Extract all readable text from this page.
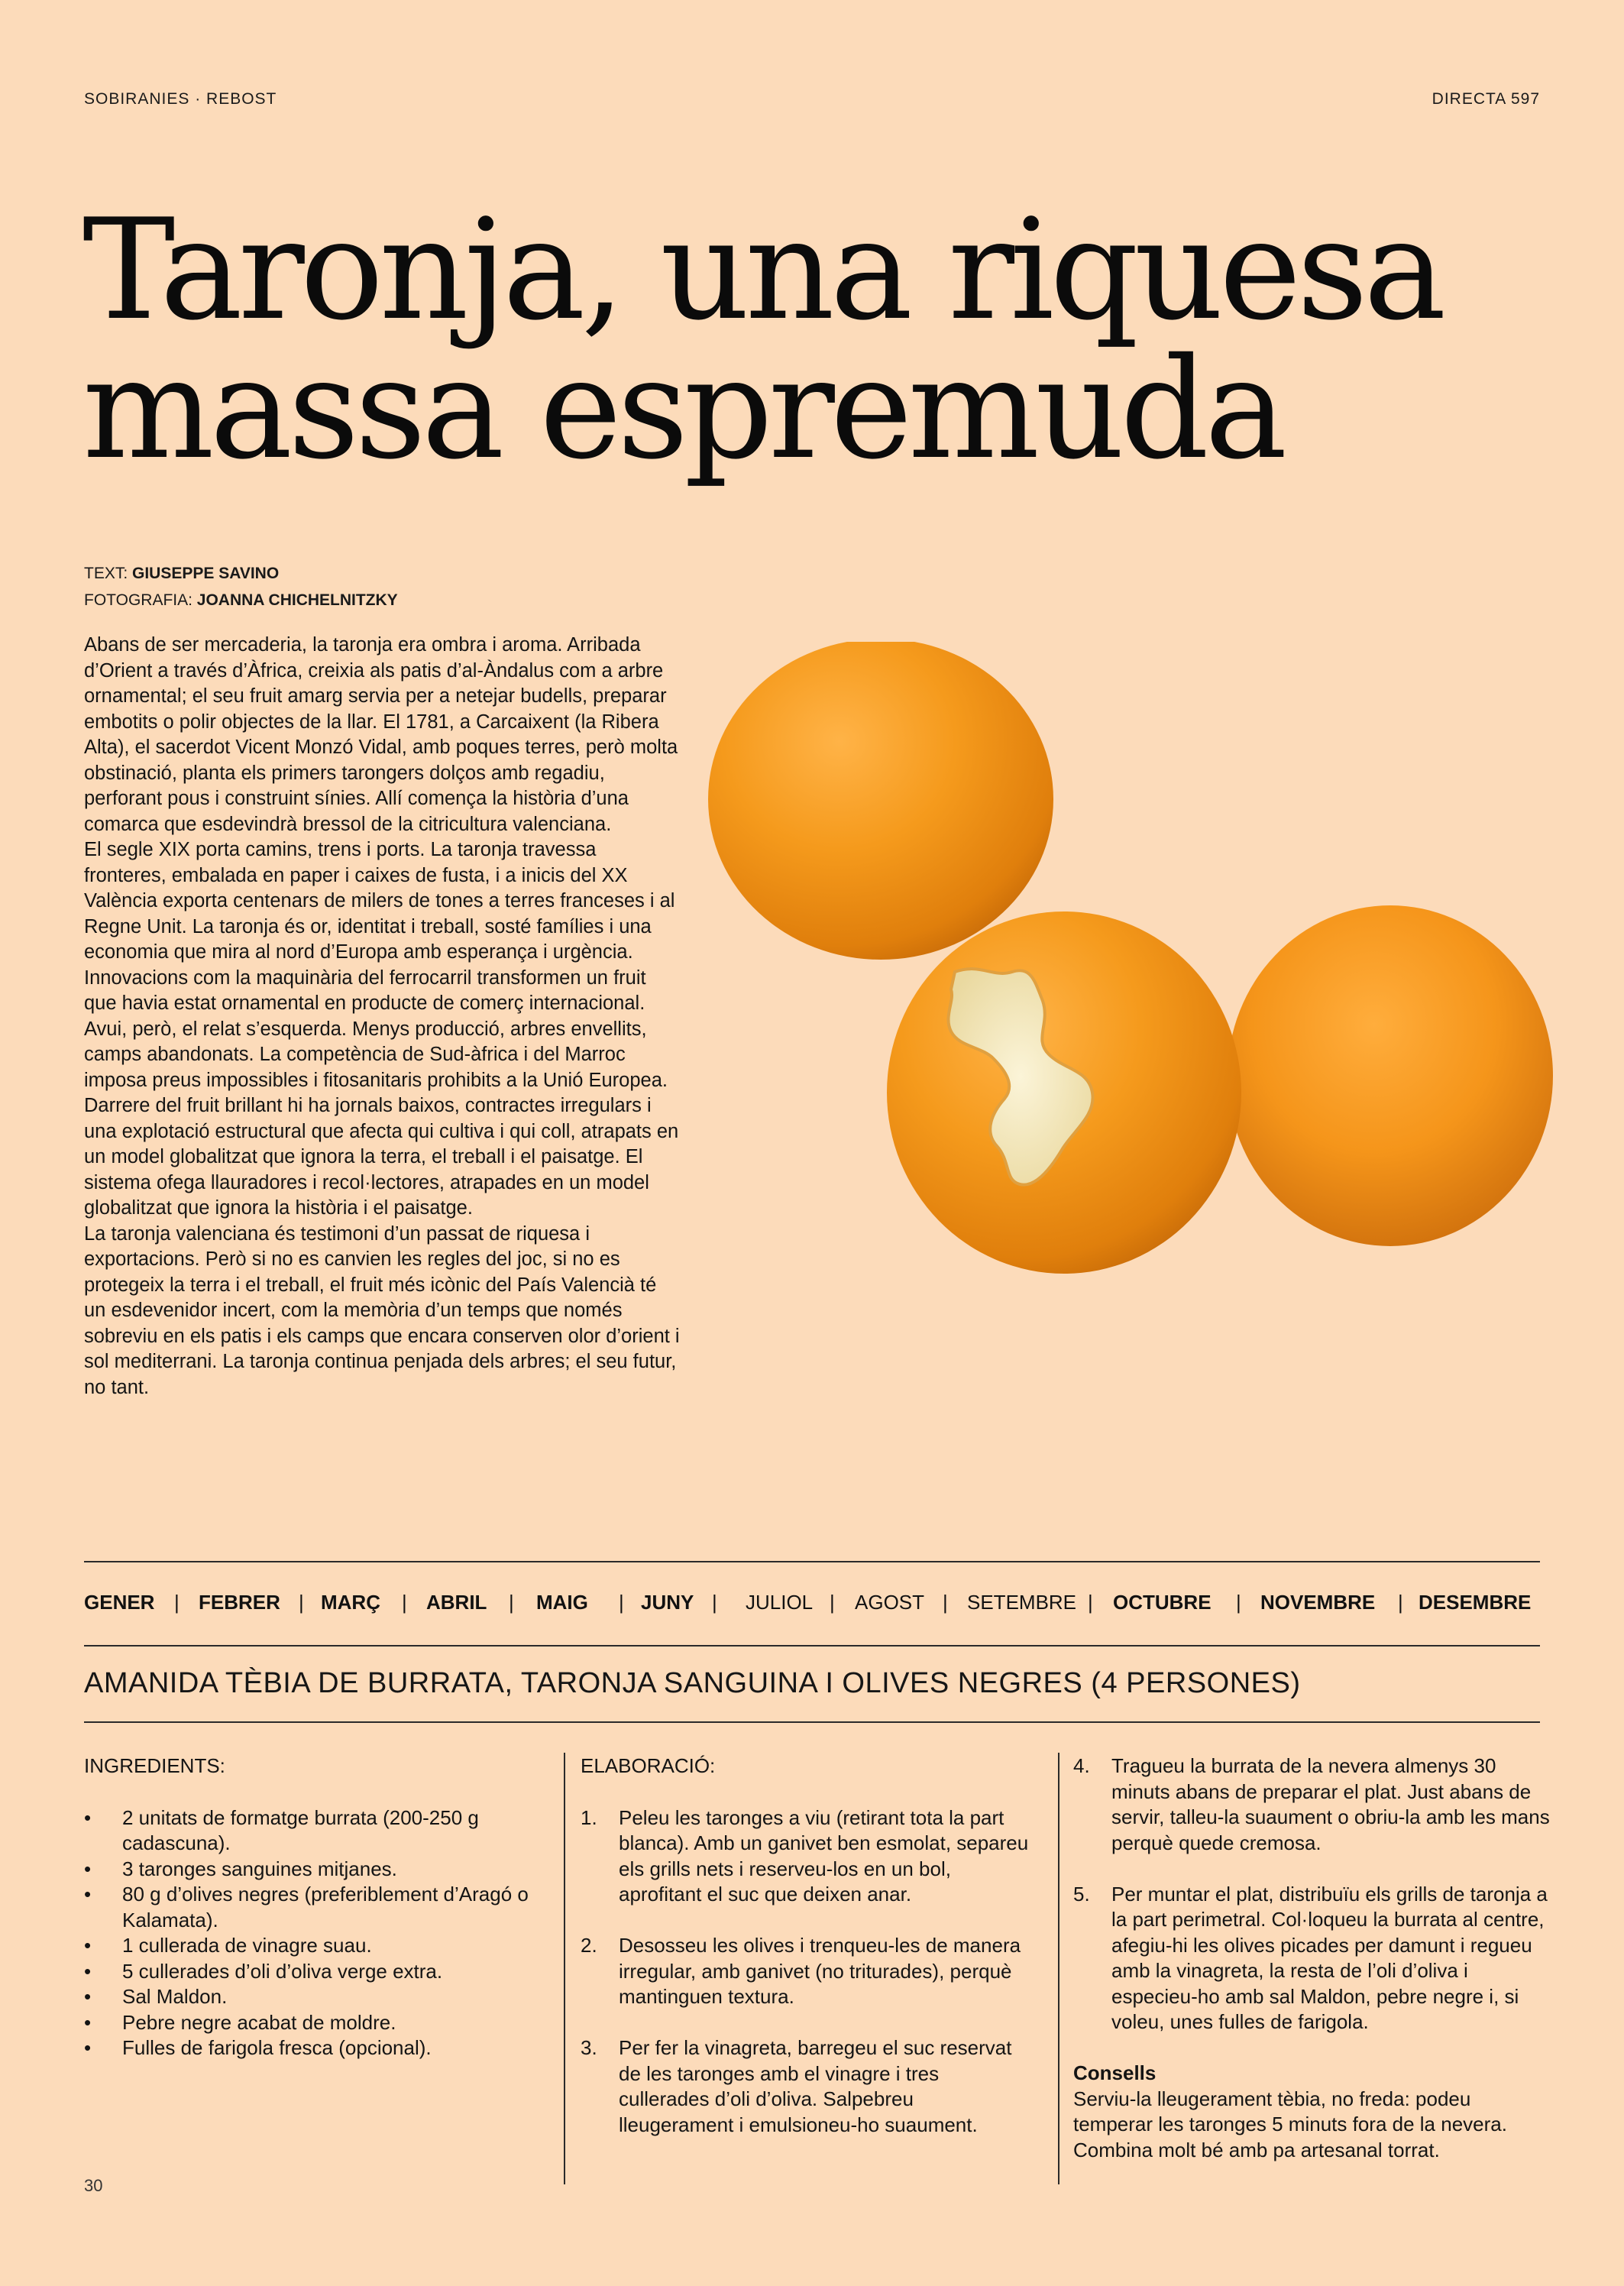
SOBIRANIES · REBOST	DIRECTA 597
Taronja, una riquesa
massa espremuda
TEXT: GIUSEPPE SAVINO
FOTOGRAFIA: JOANNA CHICHELNITZKY

Abans de ser mercaderia, la taronja era ombra i aroma. Arribada d’Orient a través d’Àfrica, creixia als patis d’al-Àndalus com a arbre ornamental; el seu fruit amarg servia per a netejar budells, preparar embotits o polir objectes de la llar. El 1781, a Carcaixent (la Ribera Alta), el sacerdot Vicent Monzó Vidal, amb poques terres, però molta obstinació, planta els primers tarongers dolços amb regadiu, perforant pous i construint sínies. Allí comença la història d’una comarca que esdevindrà bressol de la citricultura valenciana.

El segle XIX porta camins, trens i ports. La taronja travessa fronteres, embalada en paper i caixes de fusta, i a inicis del XX València exporta centenars de milers de tones a terres franceses i al Regne Unit. La taronja és or, identitat i treball, sosté famílies i una economia que mira al nord d’Europa amb esperança i urgència. Innovacions com la maquinària del ferrocarril transformen un fruit que havia estat ornamental en producte de comerç internacional.

Avui, però, el relat s’esquerda. Menys producció, arbres envellits, camps abandonats. La competència de Sud-àfrica i del Marroc imposa preus impossibles i fitosanitaris prohibits a la Unió Europea. Darrere del fruit brillant hi ha jornals baixos, contractes irregulars i una explotació estructural que afecta qui cultiva i qui coll, atrapats en un model globalitzat que ignora la terra, el treball i el paisatge. El sistema ofega llauradores i recol·lectores, atrapades en un model globalitzat que ignora la història i el paisatge.

La taronja valenciana és testimoni d’un passat de riquesa i exportacions. Però si no es canvien les regles del joc, si no es protegeix la terra i el treball, el fruit més icònic del País Valencià té un esdevenidor incert, com la memòria d’un temps que només sobreviu en els patis i els camps que encara conserven olor d’orient i sol mediterrani. La taronja continua penjada dels arbres; el seu futur, no tant.

GENER | FEBRER | MARÇ | ABRIL | MAIG | JUNY | JULIOL | AGOST | SETEMBRE | OCTUBRE | NOVEMBRE | DESEMBRE
AMANIDA TÈBIA DE BURRATA, TARONJA SANGUINA I OLIVES NEGRES (4 PERSONES)
INGREDIENTS:
• 2 unitats de formatge burrata (200-250 g cadascuna).
• 3 taronges sanguines mitjanes.
• 80 g d’olives negres (preferiblement d’Aragó o Kalamata).
• 1 cullerada de vinagre suau.
• 5 cullerades d’oli d’oliva verge extra.
• Sal Maldon.
• Pebre negre acabat de moldre.
• Fulles de farigola fresca (opcional).
ELABORACIÓ:
1. Peleu les taronges a viu (retirant tota la part blanca). Amb un ganivet ben esmolat, separeu els grills nets i reserveu-los en un bol, aprofitant el suc que deixen anar.
2. Desosseu les olives i trenqueu-les de manera irregular, amb ganivet (no triturades), perquè mantinguen textura.
3. Per fer la vinagreta, barregeu el suc reservat de les taronges amb el vinagre i tres cullerades d’oli d’oliva. Salpebreu lleugerament i emulsioneu-ho suaument.
4. Tragueu la burrata de la nevera almenys 30 minuts abans de preparar el plat. Just abans de servir, talleu-la suaument o obriu-la amb les mans perquè quede cremosa.
5. Per muntar el plat, distribuïu els grills de taronja a la part perimetral. Col·loqueu la burrata al centre, afegiu-hi les olives picades per damunt i regueu amb la vinagreta, la resta de l’oli d’oliva i especieu-ho amb sal Maldon, pebre negre i, si voleu, unes fulles de farigola.
Consells
Serviu-la lleugerament tèbia, no freda: podeu temperar les taronges 5 minuts fora de la nevera. Combina molt bé amb pa artesanal torrat.
30
